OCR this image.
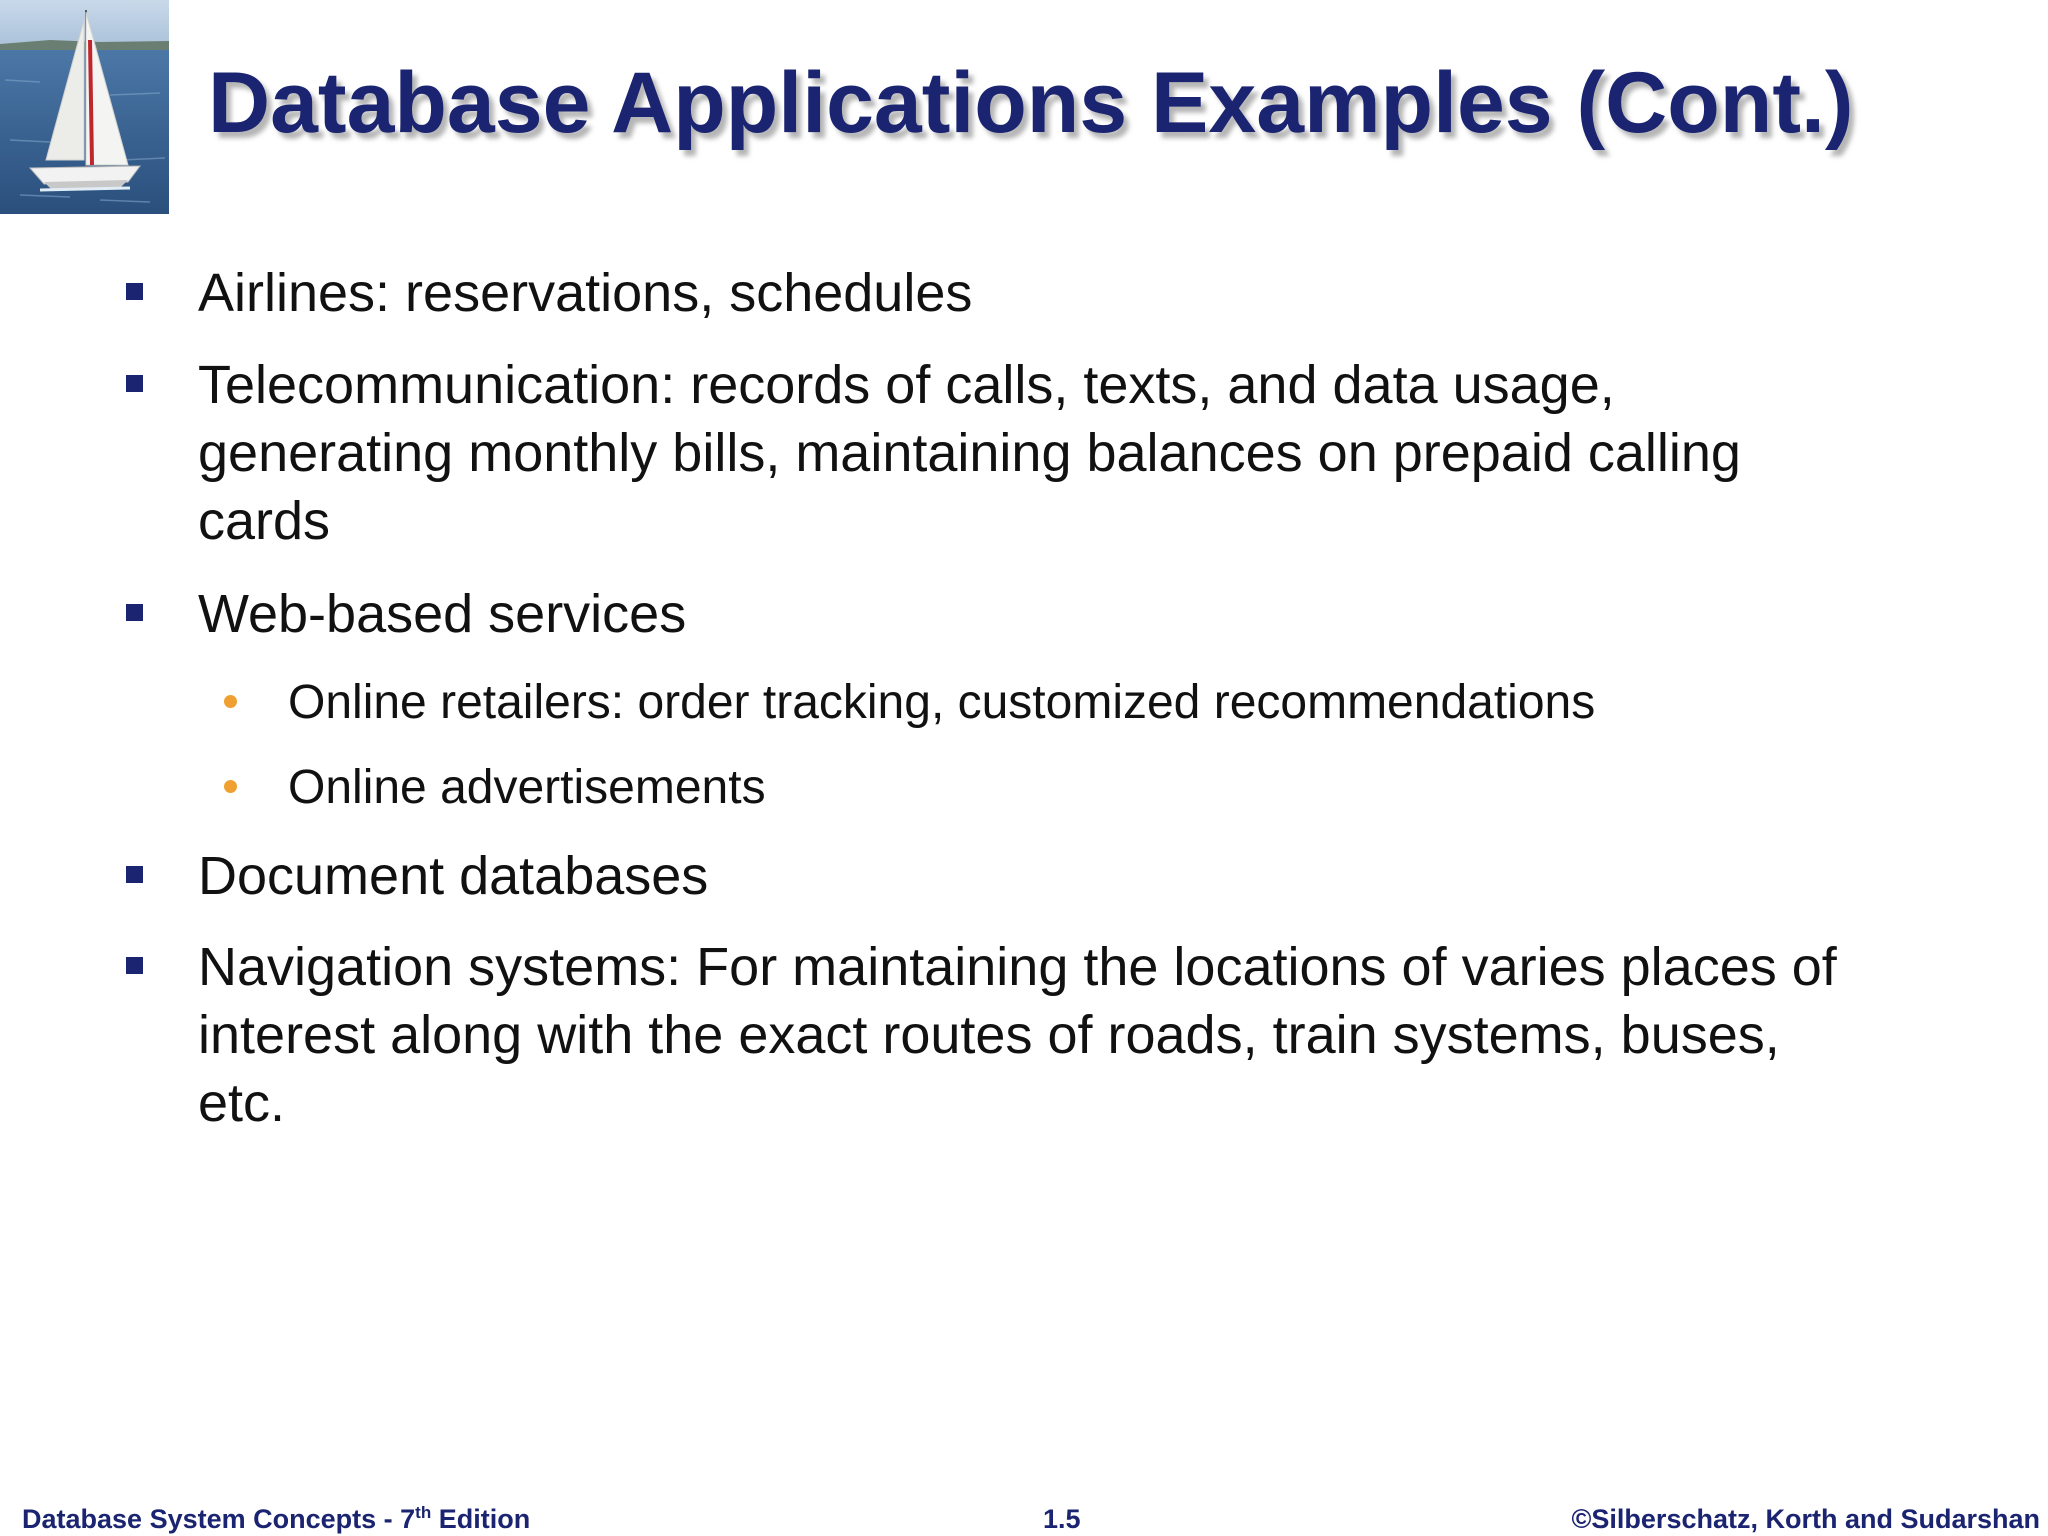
Database Applications Examples (Cont.)
Airlines: reservations, schedules
Telecommunication: records of calls, texts, and data usage,
generating monthly bills, maintaining balances on prepaid calling
cards
Web-based services
Online retailers: order tracking, customized recommendations
Online advertisements
Document databases
Navigation systems: For maintaining the locations of varies places of
interest along with the exact routes of roads, train systems, buses,
etc.
Database System Concepts - 7th Edition	1.5	©Silberschatz, Korth and Sudarshan
